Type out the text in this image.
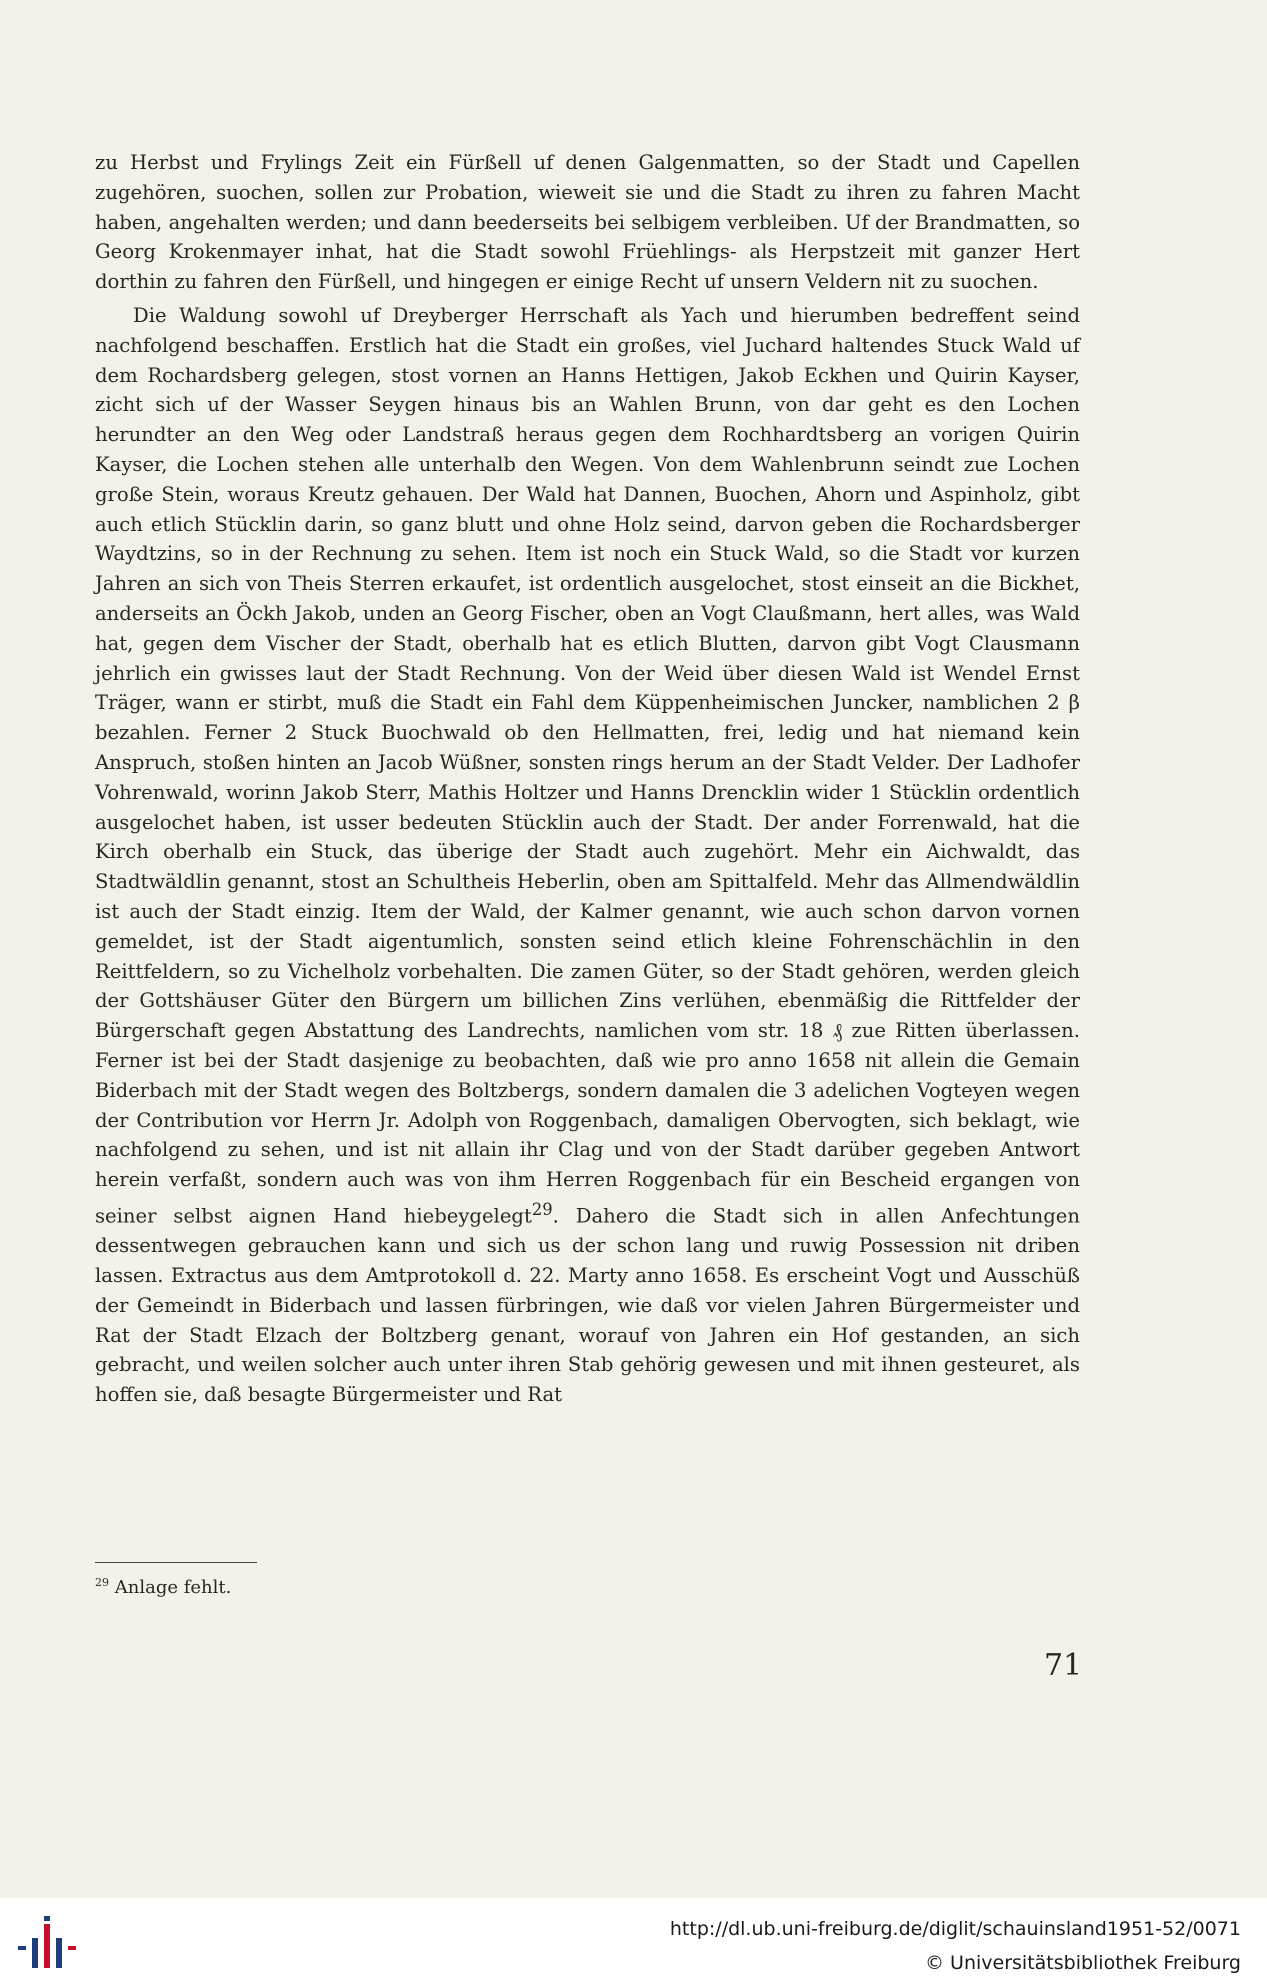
zu Herbst und Frylings Zeit ein Fürßell uf denen Galgenmatten, so der Stadt und Capellen zugehören, suochen, sollen zur Probation, wieweit sie und die Stadt zu ihren zu fahren Macht haben, angehalten werden; und dann beederseits bei selbigem verbleiben. Uf der Brandmatten, so Georg Krokenmayer inhat, hat die Stadt sowohl Früehlings- als Herpstzeit mit ganzer Hert dorthin zu fahren den Fürßell, und hingegen er einige Recht uf unsern Veldern nit zu suochen.

Die Waldung sowohl uf Dreyberger Herrschaft als Yach und hierumben bedreffent seind nachfolgend beschaffen. Erstlich hat die Stadt ein großes, viel Juchard haltendes Stuck Wald uf dem Rochardsberg gelegen, stost vornen an Hanns Hettigen, Jakob Eckhen und Quirin Kayser, zicht sich uf der Wasser Seygen hinaus bis an Wahlen Brunn, von dar geht es den Lochen herundter an den Weg oder Landstraß heraus gegen dem Rochhardtsberg an vorigen Quirin Kayser, die Lochen stehen alle unterhalb den Wegen. Von dem Wahlenbrunn seindt zue Lochen große Stein, woraus Kreutz gehauen. Der Wald hat Dannen, Buochen, Ahorn und Aspinholz, gibt auch etlich Stücklin darin, so ganz blutt und ohne Holz seind, darvon geben die Rochardsberger Waydtzins, so in der Rechnung zu sehen. Item ist noch ein Stuck Wald, so die Stadt vor kurzen Jahren an sich von Theis Sterren erkaufet, ist ordentlich ausgelochet, stost einseit an die Bickhet, anderseits an Öckh Jakob, unden an Georg Fischer, oben an Vogt Claußmann, hert alles, was Wald hat, gegen dem Vischer der Stadt, oberhalb hat es etlich Blutten, darvon gibt Vogt Clausmann jehrlich ein gwisses laut der Stadt Rechnung. Von der Weid über diesen Wald ist Wendel Ernst Träger, wann er stirbt, muß die Stadt ein Fahl dem Küppenheimischen Juncker, namblichen 2 β bezahlen. Ferner 2 Stuck Buochwald ob den Hellmatten, frei, ledig und hat niemand kein Anspruch, stoßen hinten an Jacob Wüßner, sonsten rings herum an der Stadt Velder. Der Ladhofer Vohrenwald, worinn Jakob Sterr, Mathis Holtzer und Hanns Drencklin wider 1 Stücklin ordentlich ausgelochet haben, ist usser bedeuten Stücklin auch der Stadt. Der ander Forrenwald, hat die Kirch oberhalb ein Stuck, das überige der Stadt auch zugehört. Mehr ein Aichwaldt, das Stadtwäldlin genannt, stost an Schultheis Heberlin, oben am Spittalfeld. Mehr das Allmendwäldlin ist auch der Stadt einzig. Item der Wald, der Kalmer genannt, wie auch schon darvon vornen gemeldet, ist der Stadt aigentumlich, sonsten seind etlich kleine Fohrenschächlin in den Reittfeldern, so zu Vichelholz vorbehalten. Die zamen Güter, so der Stadt gehören, werden gleich der Gottshäuser Güter den Bürgern um billichen Zins verlühen, ebenmäßig die Rittfelder der Bürgerschaft gegen Abstattung des Landrechts, namlichen vom str. 18 ₰ zue Ritten überlassen. Ferner ist bei der Stadt dasjenige zu beobachten, daß wie pro anno 1658 nit allein die Gemain Biderbach mit der Stadt wegen des Boltzbergs, sondern damalen die 3 adelichen Vogteyen wegen der Contribution vor Herrn Jr. Adolph von Roggenbach, damaligen Obervogten, sich beklagt, wie nachfolgend zu sehen, und ist nit allain ihr Clag und von der Stadt darüber gegeben Antwort herein verfaßt, sondern auch was von ihm Herren Roggenbach für ein Bescheid ergangen von seiner selbst aignen Hand hiebeygelegt$^{29}$. Dahero die Stadt sich in allen Anfechtungen dessentwegen gebrauchen kann und sich us der schon lang und ruwig Possession nit driben lassen. Extractus aus dem Amtprotokoll d. 22. Marty anno 1658. Es erscheint Vogt und Ausschüß der Gemeindt in Biderbach und lassen fürbringen, wie daß vor vielen Jahren Bürgermeister und Rat der Stadt Elzach der Boltzberg genant, worauf von Jahren ein Hof gestanden, an sich gebracht, und weilen solcher auch unter ihren Stab gehörig gewesen und mit ihnen gesteuret, als hoffen sie, daß besagte Bürgermeister und Rat

$^{29}$ Anlage fehlt.
71
http://dl.ub.uni-freiburg.de/diglit/schauinsland1951-52/0071
© Universitätsbibliothek Freiburg
